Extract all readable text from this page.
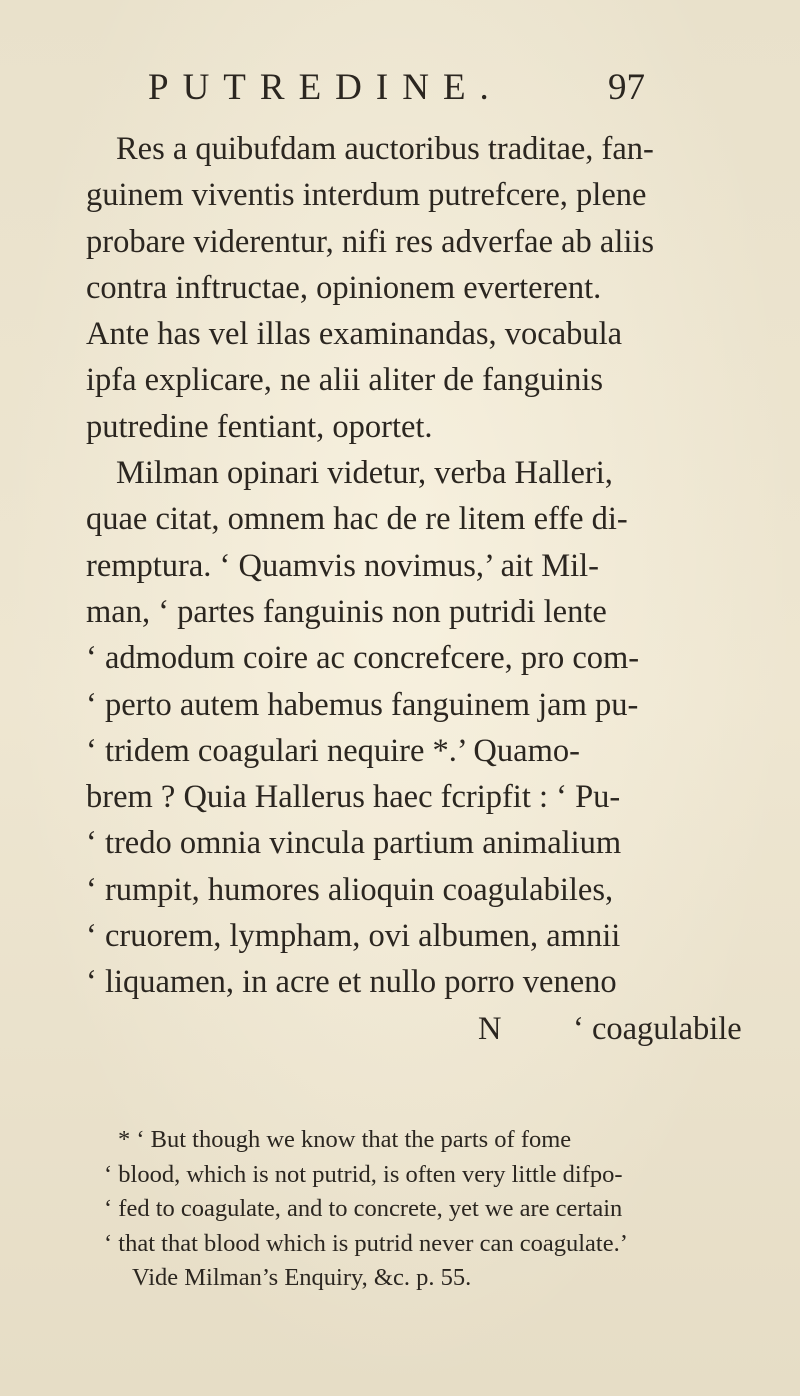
PUTREDINE.	97
Res a quibufdam auctoribus traditae, fan-
guinem viventis interdum putrefcere, plene
probare viderentur, nifi res adverfae ab aliis
contra inftructae, opinionem everterent.
Ante has vel illas examinandas, vocabula
ipfa explicare, ne alii aliter de fanguinis
putredine fentiant, oportet.
Milman opinari videtur, verba Halleri,
quae citat, omnem hac de re litem effe di-
remptura. ‘ Quamvis novimus,’ ait Mil-
man, ‘ partes fanguinis non putridi lente
‘ admodum coire ac concrefcere, pro com-
‘ perto autem habemus fanguinem jam pu-
‘ tridem coagulari nequire *.’ Quamo-
brem ? Quia Hallerus haec fcripfit : ‘ Pu-
‘ tredo omnia vincula partium animalium
‘ rumpit, humores alioquin coagulabiles,
‘ cruorem, lympham, ovi albumen, amnii
‘ liquamen, in acre et nullo porro veneno
N ‘ coagulabile
* ‘ But though we know that the parts of fome
‘ blood, which is not putrid, is often very little difpo-
‘ fed to coagulate, and to concrete, yet we are certain
‘ that that blood which is putrid never can coagulate.’
Vide Milman’s Enquiry, &c. p. 55.
